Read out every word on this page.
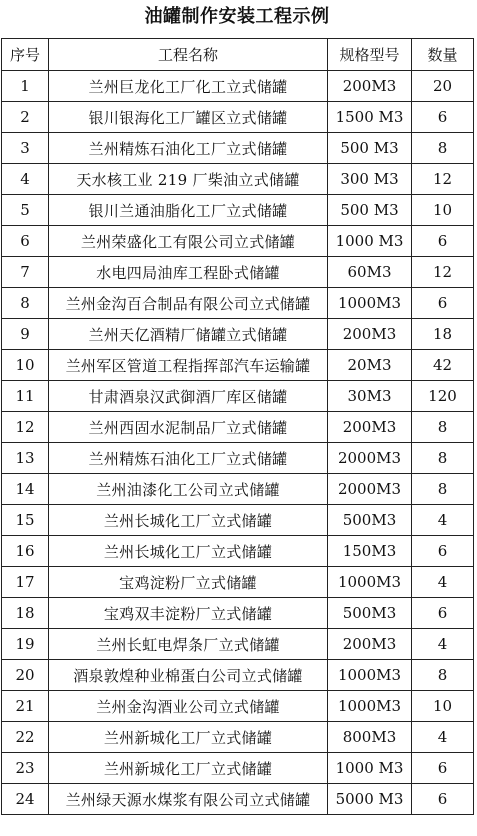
油罐制作安装工程示例
序号	工程名称	规格型号	数量
1	兰州巨龙化工厂化工立式储罐	200M3	20
2	银川银海化工厂罐区立式储罐	1500 M3	6
3	兰州精炼石油化工厂立式储罐	500 M3	8
4	天水核工业 219 厂柴油立式储罐	300 M3	12
5	银川兰通油脂化工厂立式储罐	500 M3	10
6	兰州荣盛化工有限公司立式储罐	1000 M3	6
7	水电四局油库工程卧式储罐	60M3	12
8	兰州金沟百合制品有限公司立式储罐	1000M3	6
9	兰州天亿酒精厂储罐立式储罐	200M3	18
10	兰州军区管道工程指挥部汽车运输罐	20M3	42
11	甘肃酒泉汉武御酒厂库区储罐	30M3	120
12	兰州西固水泥制品厂立式储罐	200M3	8
13	兰州精炼石油化工厂立式储罐	2000M3	8
14	兰州油漆化工公司立式储罐	2000M3	8
15	兰州长城化工厂立式储罐	500M3	4
16	兰州长城化工厂立式储罐	150M3	6
17	宝鸡淀粉厂立式储罐	1000M3	4
18	宝鸡双丰淀粉厂立式储罐	500M3	6
19	兰州长虹电焊条厂立式储罐	200M3	4
20	酒泉敦煌种业棉蛋白公司立式储罐	1000M3	8
21	兰州金沟酒业公司立式储罐	1000M3	10
22	兰州新城化工厂立式储罐	800M3	4
23	兰州新城化工厂立式储罐	1000 M3	6
24	兰州绿天源水煤浆有限公司立式储罐	5000 M3	6
